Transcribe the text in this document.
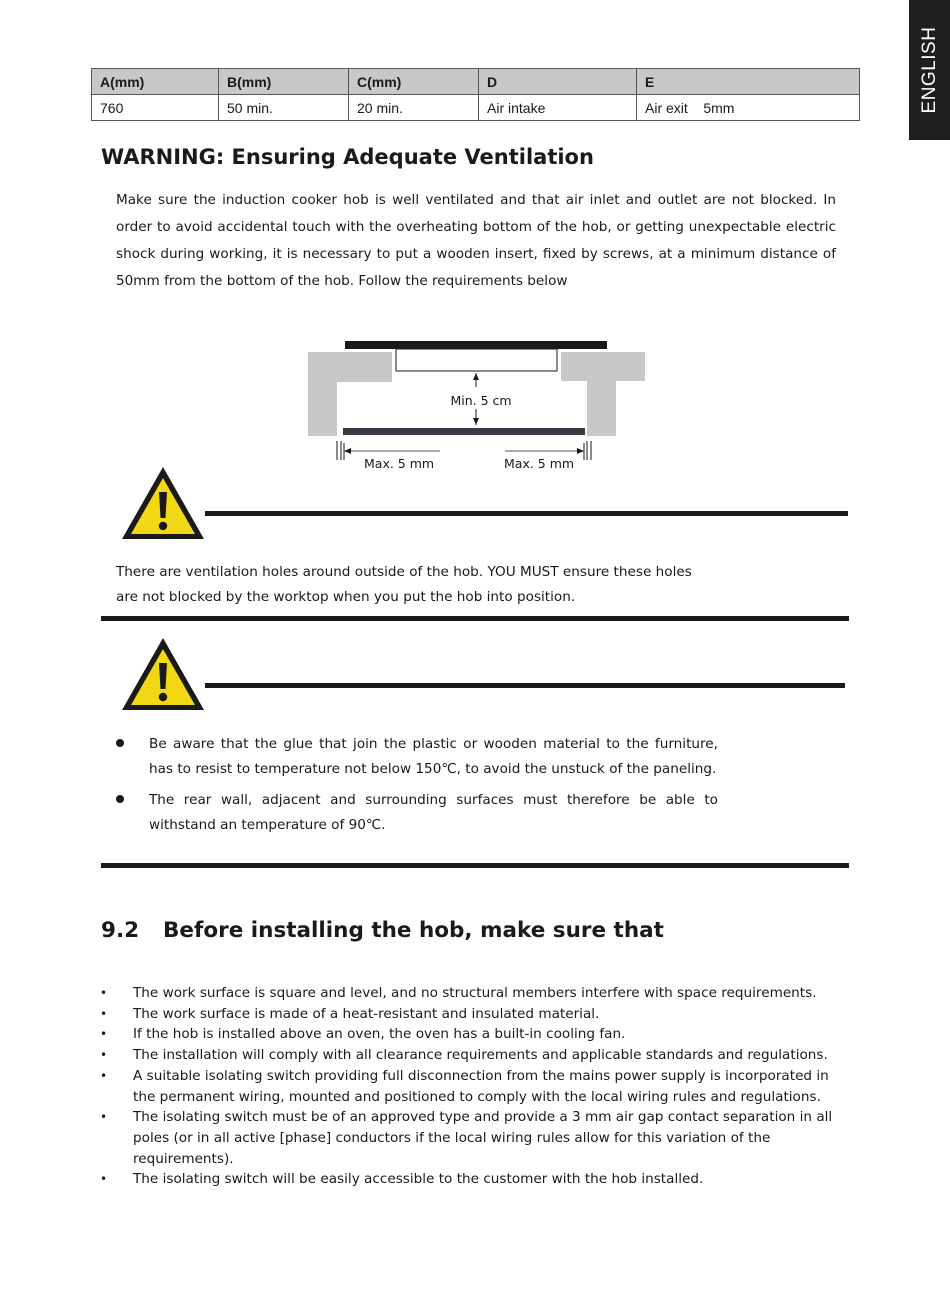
ENGLISH
A(mm)	B(mm)	C(mm)	D	E
760	50 min.	20 min.	Air intake	Air exit    5mm
WARNING: Ensuring Adequate Ventilation

Make sure the induction cooker hob is well ventilated and that air inlet and outlet are not blocked. In order to avoid accidental touch with the overheating bottom of the hob, or getting unexpectable electric shock during working, it is necessary to put a wooden insert, fixed by screws, at a minimum distance of 50mm from the bottom of the hob. Follow the requirements below

Min. 5 cm
Max. 5 mm	Max. 5 mm

There are ventilation holes around outside of the hob. YOU MUST ensure these holes

are not blocked by the worktop when you put the hob into position.

Be aware that the glue that join the plastic or wooden material to the furniture, has to resist to temperature not below 150℃, to avoid the unstuck of the paneling.
The rear wall, adjacent and surrounding surfaces must therefore be able to withstand an temperature of 90℃.
9.2 Before installing the hob, make sure that
• The work surface is square and level, and no structural members interfere with space requirements.
• The work surface is made of a heat-resistant and insulated material.
• If the hob is installed above an oven, the oven has a built-in cooling fan.
• The installation will comply with all clearance requirements and applicable standards and regulations.
• A suitable isolating switch providing full disconnection from the mains power supply is incorporated in the permanent wiring, mounted and positioned to comply with the local wiring rules and regulations.
• The isolating switch must be of an approved type and provide a 3 mm air gap contact separation in all poles (or in all active [phase] conductors if the local wiring rules allow for this variation of the requirements).
• The isolating switch will be easily accessible to the customer with the hob installed.
